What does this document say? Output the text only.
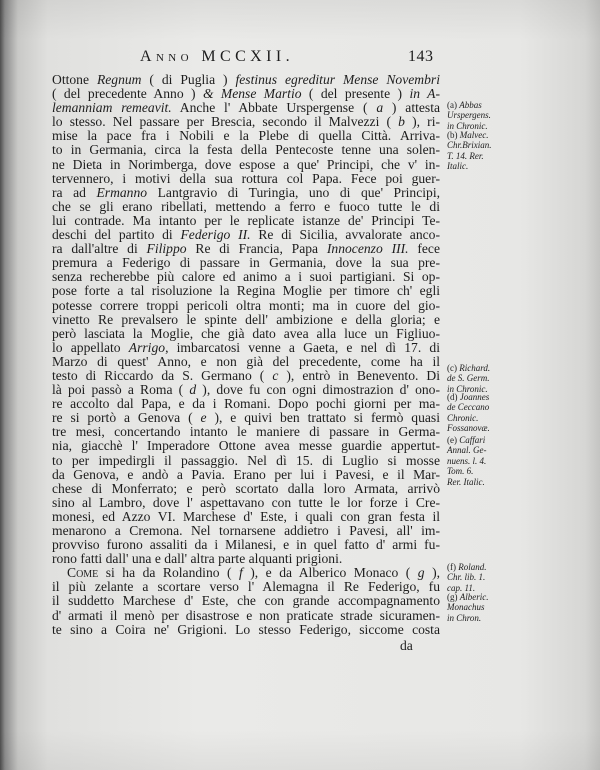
Anno MCCXII.	143
Ottone Regnum ( di Puglia ) festinus egreditur Mense Novembri
( del precedente Anno ) & Mense Martio ( del presente ) in A-
lemanniam remeavit. Anche l' Abbate Urspergense ( a ) attesta
lo stesso. Nel passare per Brescia, secondo il Malvezzi ( b ), ri-
mise la pace fra i Nobili e la Plebe di quella Città. Arriva-
to in Germania, circa la festa della Pentecoste tenne una solen-
ne Dieta in Norimberga, dove espose a que' Principi, che v' in-
tervennero, i motivi della sua rottura col Papa. Fece poi guer-
ra ad Ermanno Lantgravio di Turingia, uno di que' Principi,
che se gli erano ribellati, mettendo a ferro e fuoco tutte le di
lui contrade. Ma intanto per le replicate istanze de' Principi Te-
deschi del partito di Federigo II. Re di Sicilia, avvalorate anco-
ra dall'altre di Filippo Re di Francia, Papa Innocenzo III. fece
premura a Federigo di passare in Germania, dove la sua pre-
senza recherebbe più calore ed animo a i suoi partigiani. Si op-
pose forte a tal risoluzione la Regina Moglie per timore ch' egli
potesse correre troppi pericoli oltra monti; ma in cuore del gio-
vinetto Re prevalsero le spinte dell' ambizione e della gloria; e
però lasciata la Moglie, che già dato avea alla luce un Figliuo-
lo appellato Arrigo, imbarcatosi venne a Gaeta, e nel dì 17. di
Marzo di quest' Anno, e non già del precedente, come ha il
testo di Riccardo da S. Germano ( c ), entrò in Benevento. Di
là poi passò a Roma ( d ), dove fu con ogni dimostrazion d' ono-
re accolto dal Papa, e da i Romani. Dopo pochi giorni per ma-
re si portò a Genova ( e ), e quivi ben trattato si fermò quasi
tre mesi, concertando intanto le maniere di passare in Germa-
nia, giacchè l' Imperadore Ottone avea messe guardie appertut-
to per impedirgli il passaggio. Nel dì 15. di Luglio si mosse
da Genova, e andò a Pavia. Erano per lui i Pavesi, e il Mar-
chese di Monferrato; e però scortato dalla loro Armata, arrivò
sino al Lambro, dove l' aspettavano con tutte le lor forze i Cre-
monesi, ed Azzo VI. Marchese d' Este, i quali con gran festa il
menarono a Cremona. Nel tornarsene addietro i Pavesi, all' im-
provviso furono assaliti da i Milanesi, e in quel fatto d' armi fu-
rono fatti dall' una e dall' altra parte alquanti prigioni.
Come si ha da Rolandino ( f ), e da Alberico Monaco ( g ),
il più zelante a scortare verso l' Alemagna il Re Federigo, fu
il suddetto Marchese d' Este, che con grande accompagnamento
d' armati il menò per disastrose e non praticate strade sicuramen-
te sino a Coira ne' Grigioni. Lo stesso Federigo, siccome costa
da
(a) Abbas
Urspergens.
in Chronic.
(b) Malvec.
Chr.Brixian.
T. 14. Rer.
Italic.
(c) Richard.
de S. Germ.
in Chronic.
(d) Joannes
de Ceccano
Chronic.
Fossanovæ.
(e) Caffari
Annal. Ge-
nuens. l. 4.
Tom. 6.
Rer. Italic.
(f) Roland.
Chr. lib. 1.
cap. 11.
(g) Alberic.
Monachus
in Chron.
